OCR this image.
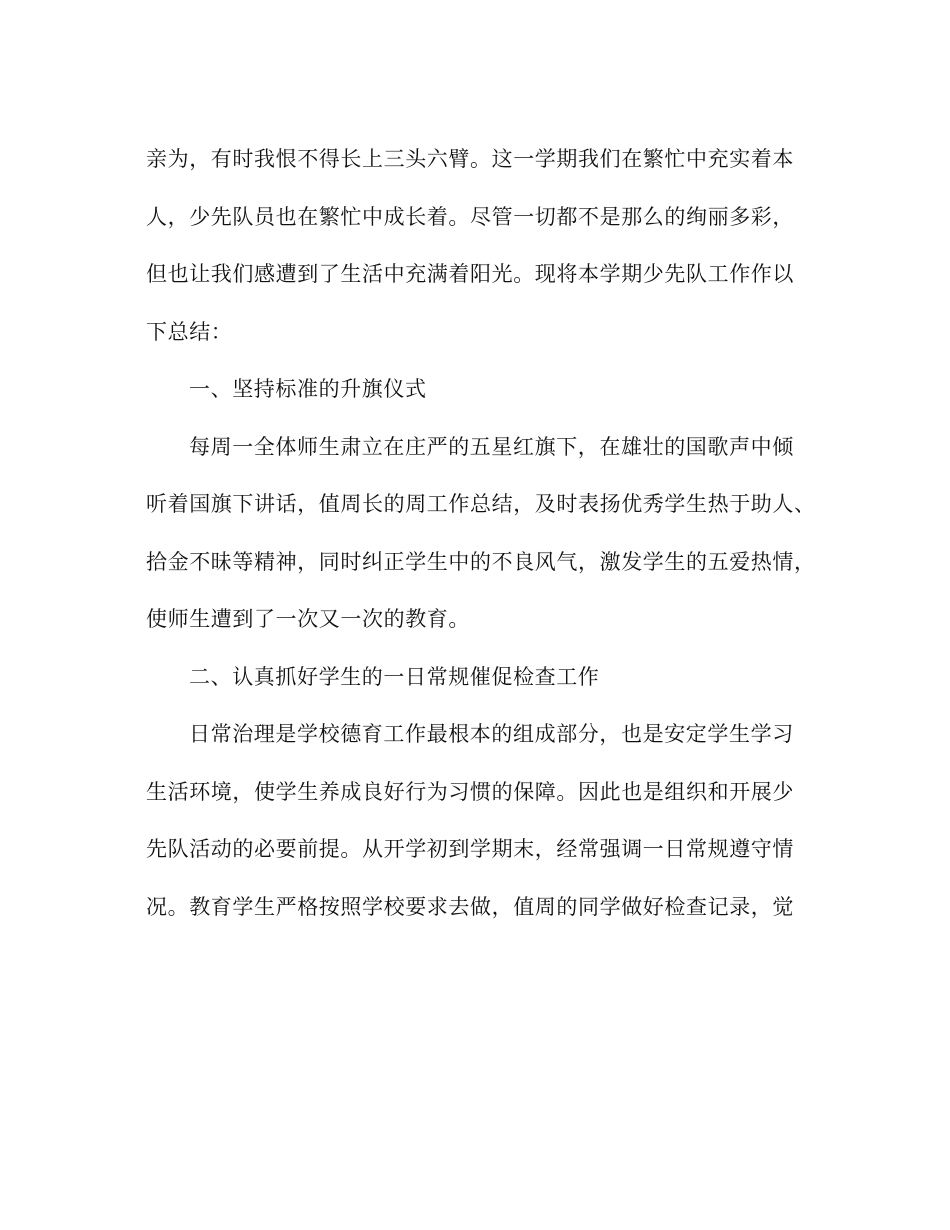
亲为，有时我恨不得长上三头六臂。这一学期我们在繁忙中充实着本
人，少先队员也在繁忙中成长着。尽管一切都不是那么的绚丽多彩，
但也让我们感遭到了生活中充满着阳光。现将本学期少先队工作作以
下总结：
一、坚持标准的升旗仪式
每周一全体师生肃立在庄严的五星红旗下，在雄壮的国歌声中倾
听着国旗下讲话，值周长的周工作总结，及时表扬优秀学生热于助人、
拾金不昧等精神，同时纠正学生中的不良风气，激发学生的五爱热情，
使师生遭到了一次又一次的教育。
二、认真抓好学生的一日常规催促检查工作
日常治理是学校德育工作最根本的组成部分，也是安定学生学习
生活环境，使学生养成良好行为习惯的保障。因此也是组织和开展少
先队活动的必要前提。从开学初到学期末，经常强调一日常规遵守情
况。教育学生严格按照学校要求去做，值周的同学做好检查记录，觉
